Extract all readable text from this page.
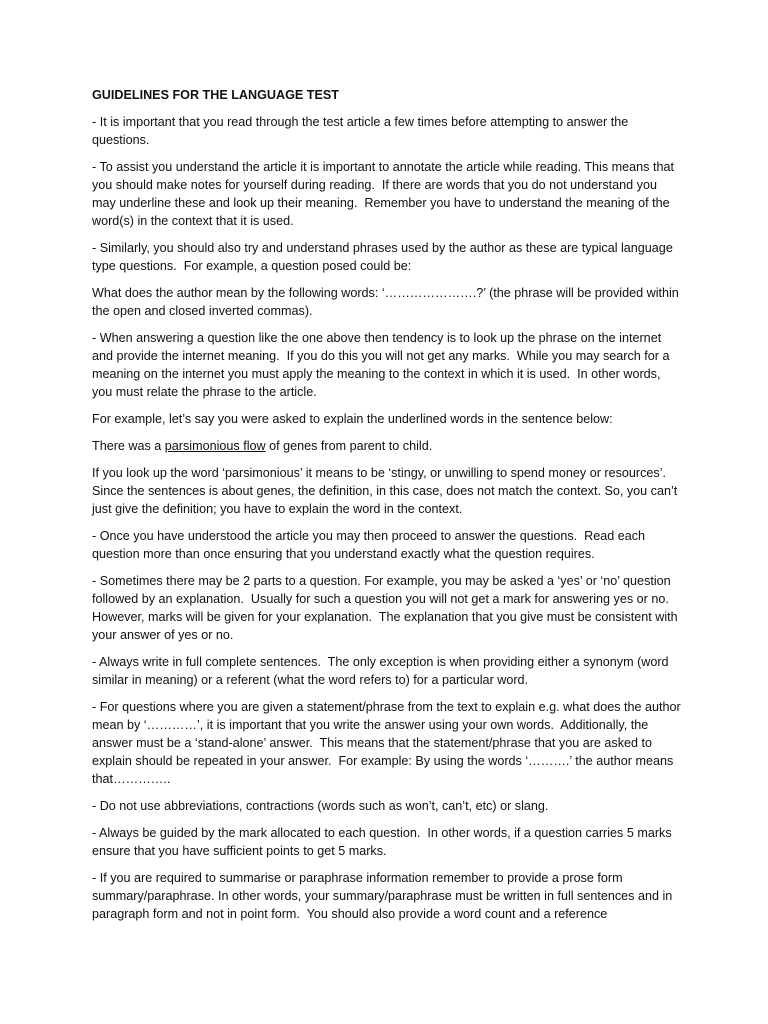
GUIDELINES FOR THE LANGUAGE TEST

- It is important that you read through the test article a few times before attempting to answer the questions.

- To assist you understand the article it is important to annotate the article while reading. This means that you should make notes for yourself during reading.  If there are words that you do not understand you may underline these and look up their meaning.  Remember you have to understand the meaning of the word(s) in the context that it is used.

- Similarly, you should also try and understand phrases used by the author as these are typical language type questions.  For example, a question posed could be:

What does the author mean by the following words: ‘………………….?’ (the phrase will be provided within the open and closed inverted commas).

- When answering a question like the one above then tendency is to look up the phrase on the internet and provide the internet meaning.  If you do this you will not get any marks.  While you may search for a meaning on the internet you must apply the meaning to the context in which it is used.  In other words, you must relate the phrase to the article.

For example, let’s say you were asked to explain the underlined words in the sentence below:

There was a parsimonious flow of genes from parent to child.

If you look up the word ‘parsimonious’ it means to be ‘stingy, or unwilling to spend money or resources’. Since the sentences is about genes, the definition, in this case, does not match the context. So, you can’t just give the definition; you have to explain the word in the context.

- Once you have understood the article you may then proceed to answer the questions.  Read each question more than once ensuring that you understand exactly what the question requires.

- Sometimes there may be 2 parts to a question. For example, you may be asked a ‘yes’ or ‘no’ question followed by an explanation.  Usually for such a question you will not get a mark for answering yes or no.  However, marks will be given for your explanation.  The explanation that you give must be consistent with your answer of yes or no.

- Always write in full complete sentences.  The only exception is when providing either a synonym (word similar in meaning) or a referent (what the word refers to) for a particular word.

- For questions where you are given a statement/phrase from the text to explain e.g. what does the author mean by ‘…………’, it is important that you write the answer using your own words.  Additionally, the answer must be a ‘stand-alone’ answer.  This means that the statement/phrase that you are asked to explain should be repeated in your answer.  For example: By using the words ‘……….’ the author means that…………..

- Do not use abbreviations, contractions (words such as won’t, can’t, etc) or slang.

- Always be guided by the mark allocated to each question.  In other words, if a question carries 5 marks ensure that you have sufficient points to get 5 marks.

- If you are required to summarise or paraphrase information remember to provide a prose form summary/paraphrase. In other words, your summary/paraphrase must be written in full sentences and in paragraph form and not in point form.  You should also provide a word count and a reference
